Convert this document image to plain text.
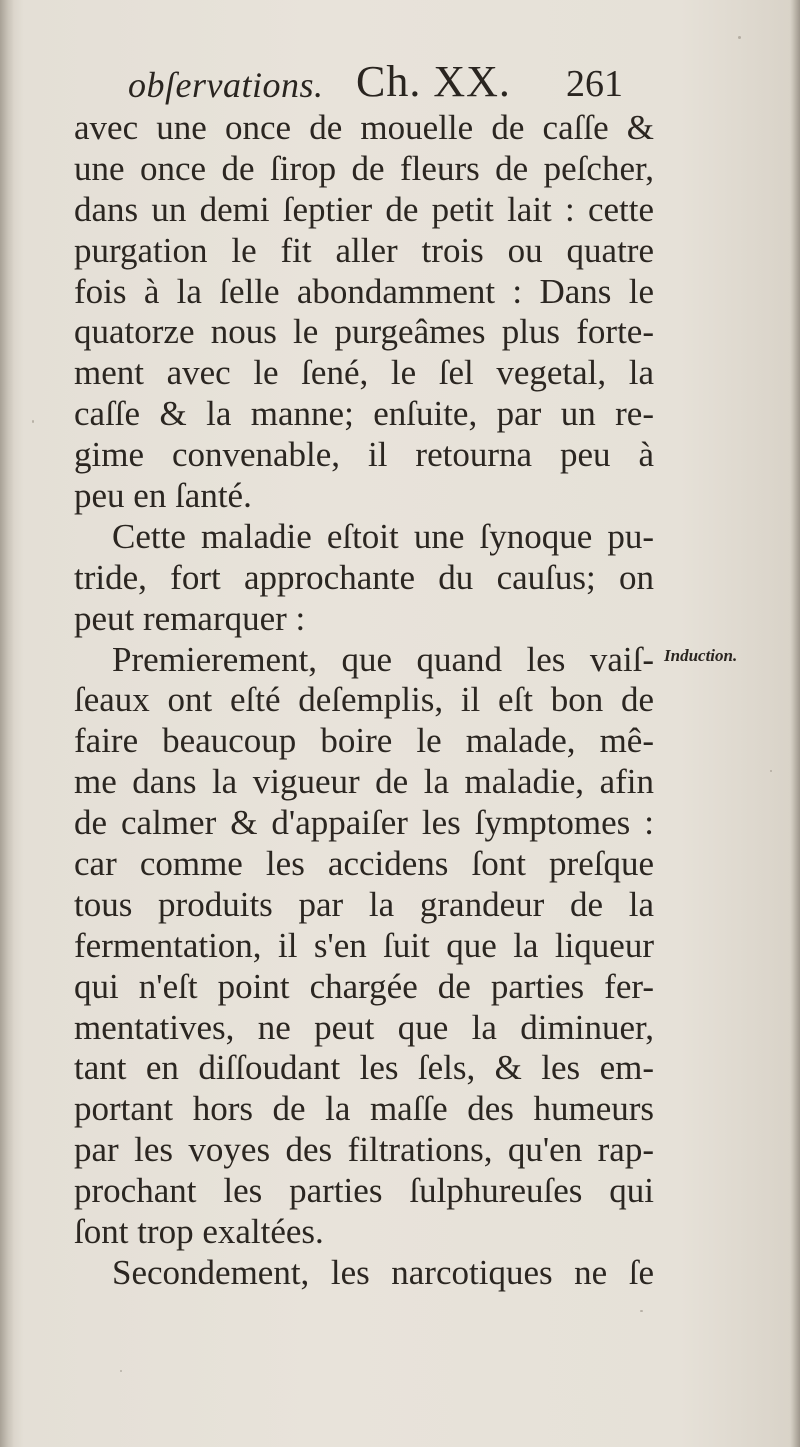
obſervations. Ch. XX. 261
avec une once de mouelle de caſſe &
une once de ſirop de fleurs de peſcher,
dans un demi ſeptier de petit lait : cette
purgation le fit aller trois ou quatre
fois à la ſelle abondamment : Dans le
quatorze nous le purgeâmes plus forte-
ment avec le ſené, le ſel vegetal, la
caſſe & la manne; enſuite, par un re-
gime convenable, il retourna peu à
peu en ſanté.
Cette maladie eſtoit une ſynoque pu-
tride, fort approchante du cauſus; on
peut remarquer :
Premierement, que quand les vaiſ-
ſeaux ont eſté deſemplis, il eſt bon de
faire beaucoup boire le malade, mê-
me dans la vigueur de la maladie, afin
de calmer & d'appaiſer les ſymptomes :
car comme les accidens ſont preſque
tous produits par la grandeur de la
fermentation, il s'en ſuit que la liqueur
qui n'eſt point chargée de parties fer-
mentatives, ne peut que la diminuer,
tant en diſſoudant les ſels, & les em-
portant hors de la maſſe des humeurs
par les voyes des filtrations, qu'en rap-
prochant les parties ſulphureuſes qui
ſont trop exaltées.
Secondement, les narcotiques ne ſe
Induction.
